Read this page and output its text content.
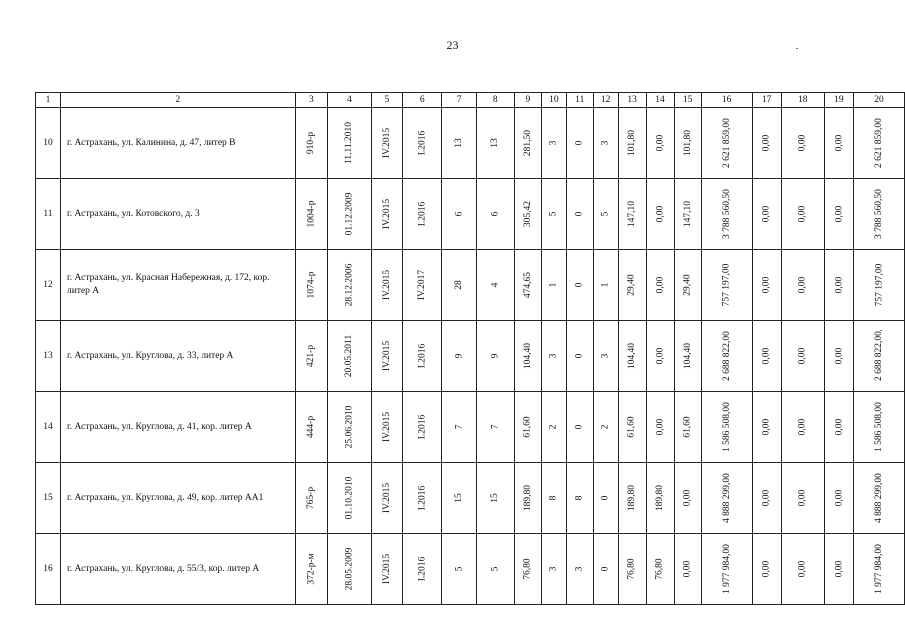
23
1	2	3	4	5	6	7	8	9	10	11	12	13	14	15	16	17	18	19	20
10	г. Астрахань, ул. Калинина, д. 47, литер В	910-р	11.11.2010	IV.2015	I.2016	13	13	281,50	3	0	3	101,80	0,00	101,80	2 621 859,00	0,00	0,00	0,00	2 621 859,00
11	г. Астрахань, ул. Котовского, д. 3	1004-р	01.12.2009	IV.2015	I.2016	6	6	305,42	5	0	5	147,10	0,00	147,10	3 788 560,50	0,00	0,00	0,00	3 788 560,50
12	г. Астрахань, ул. Красная Набережная, д. 172, кор. литер А	1074-р	28.12.2006	IV.2015	IV.2017	28	4	474,65	1	0	1	29,40	0,00	29,40	757 197,00	0,00	0,00	0,00	757 197,00
13	г. Астрахань, ул. Круглова, д. 33, литер А	421-р	20.05.2011	IV.2015	I.2016	9	9	104,40	3	0	3	104,40	0,00	104,40	2 688 822,00	0,00	0,00	0,00	2 688 822,00
14	г. Астрахань, ул. Круглова, д. 41, кор. литер А	444-р	25.06.2010	IV.2015	I.2016	7	7	61,60	2	0	2	61,60	0,00	61,60	1 586 508,00	0,00	0,00	0,00	1 586 508,00
15	г. Астрахань, ул. Круглова, д. 49, кор. литер АА1	765-р	01.10.2010	IV.2015	I.2016	15	15	189,80	8	8	0	189,80	189,80	0,00	4 888 299,00	0,00	0,00	0,00	4 888 299,00
16	г. Астрахань, ул. Круглова, д. 55/3, кор. литер А	372-р-м	28.05.2009	IV.2015	I.2016	5	5	76,80	3	3	0	76,80	76,80	0,00	1 977 984,00	0,00	0,00	0,00	1 977 984,00
